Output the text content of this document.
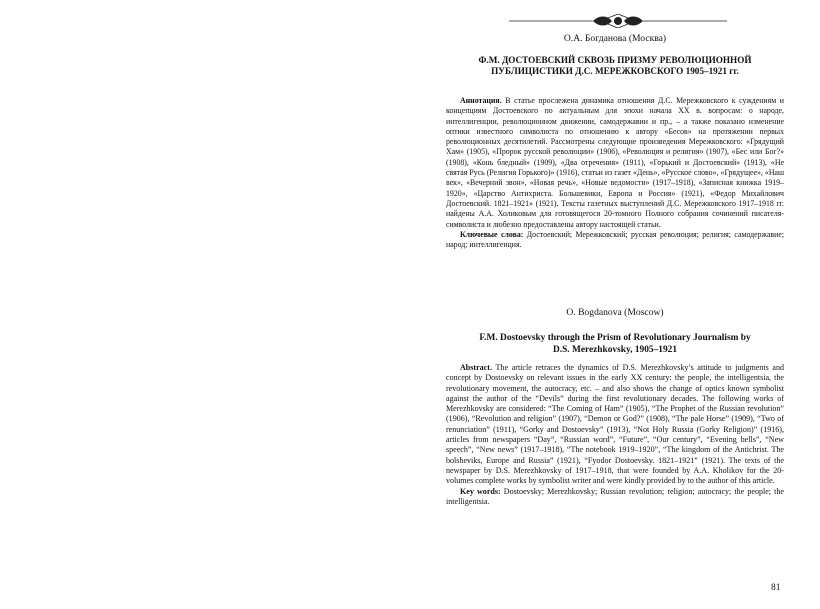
О.А. Богданова (Москва)
Ф.М. ДОСТОЕВСКИЙ СКВОЗЬ ПРИЗМУ РЕВОЛЮЦИОННОЙ
ПУБЛИЦИСТИКИ Д.С. МЕРЕЖКОВСКОГО 1905–1921 гг.

Аннотация. В статье прослежена динамика отношения Д.С. Мережковского к суждениям и концепциям Достоевского по актуальным для эпохи начала XX в. вопросам: о народе, интеллигенции, революционном движении, самодержавии и пр., – а также показано изменение оптики известного символиста по отношению к автору «Бесов» на протяжении первых революционных десятилетий. Рассмотрены следующие произведения Мережковского: «Грядущий Хам» (1905), «Пророк русской революции» (1906), «Революция и религия» (1907), «Бес или Бог?» (1908), «Конь бледный» (1909), «Два отречения» (1911), «Горький и Достоевский» (1913), «Не святая Русь (Религия Горького)» (1916), статьи из газет «День», «Русское слово», «Грядущее», «Наш век», «Вечерний звон», «Новая речь», «Новые ведомости» (1917–1918), «Записная книжка 1919–1920», «Царство Антихриста. Большевики, Европа и Россия» (1921), «Федор Михайлович Достоевский. 1821–1921» (1921). Тексты газетных выступлений Д.С. Мережковского 1917–1918 гг. найдены А.А. Холиковым для готовящегося 20-томного Полного собрания сочинений писателя-символиста и любезно предоставлены автору настоящей статьи.

Ключевые слова: Достоевский; Мережковский; русская революция; религия; самодержавие; народ; интеллигенция.

O. Bogdanova (Moscow)
F.M. Dostoevsky through the Prism of Revolutionary Journalism by
D.S. Merezhkovsky, 1905–1921

Abstract. The article retraces the dynamics of D.S. Merezhkovsky’s attitude to judgments and concept by Dostoevsky on relevant issues in the early XX century: the people, the intelligentsia, the revolutionary movement, the autocracy, etc. – and also shows the change of optics known symbolist against the author of the “Devils” during the first revolutionary decades. The following works of Merezhkovsky are considered: “The Coming of Ham” (1905), “The Prophet of the Russian revolution” (1906), “Revolution and religion” (1907), “Demon or God?” (1908), “The pale Horse” (1909), “Two of renunciation” (1911), “Gorky and Dostoevsky” (1913), “Not Holy Russia (Gorky Religion)” (1916), articles from newspapers “Day”, “Russian word”, “Future”, “Our century”, “Evening bells”, “New speech”, “New news” (1917–1918), “The notebook 1919–1920”, “The kingdom of the Antichrist. The bolsheviks, Europe and Russia” (1921), “Fyodor Dostoevsky. 1821–1921” (1921). The texts of the newspaper by D.S. Merezhkovsky of 1917–1918, that were founded by A.A. Kholikov for the 20-volumes complete works by symbolist writer and were kindly provided by to the author of this article.

Key words: Dostoevsky; Merezhkovsky; Russian revolution; religion; autocracy; the people; the intelligentsia.

81
